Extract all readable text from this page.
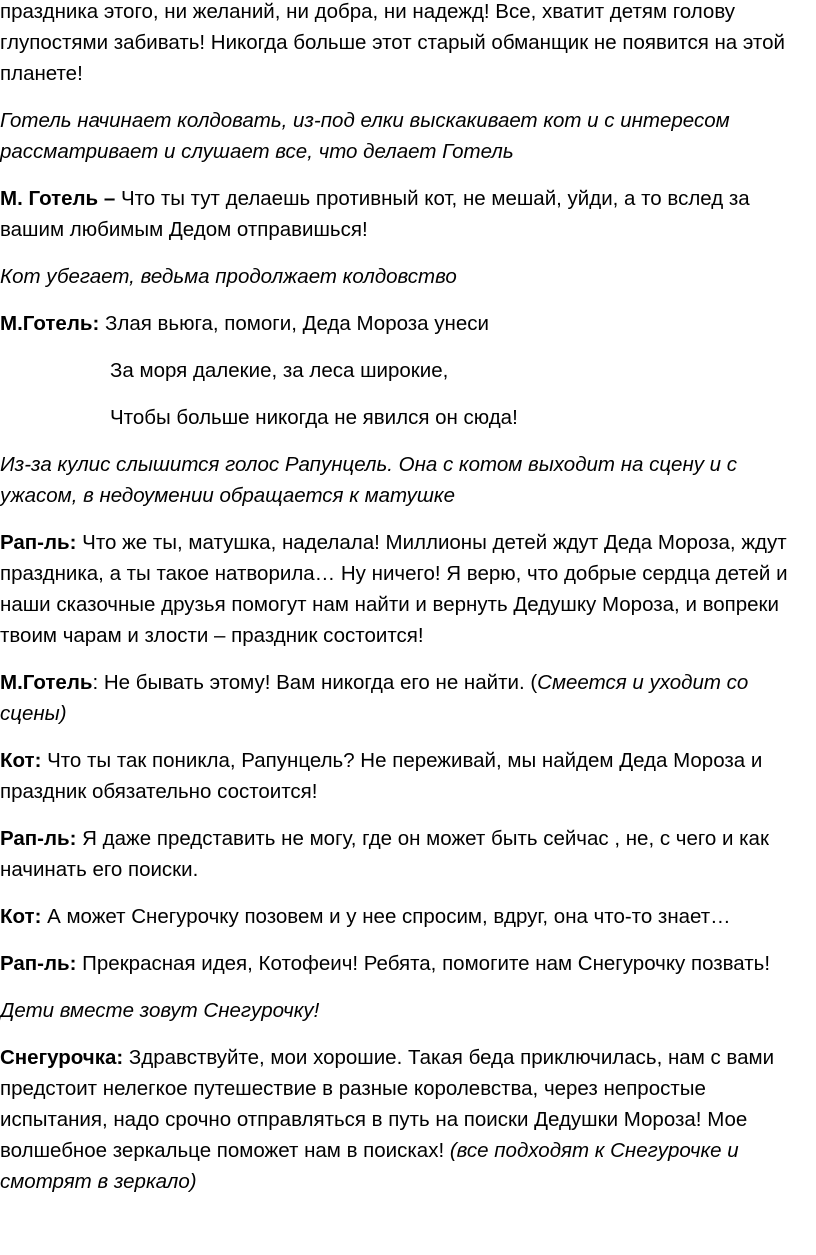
праздника этого, ни желаний, ни добра, ни надежд! Все, хватит детям голову глупостями забивать! Никогда больше этот старый обманщик не появится на этой планете!

Готель начинает колдовать, из-под елки выскакивает кот и с интересом рассматривает и слушает все, что делает Готель

М. Готель – Что ты тут делаешь противный кот, не мешай, уйди, а то вслед за вашим любимым Дедом отправишься!

Кот убегает, ведьма продолжает колдовство

М.Готель: Злая вьюга, помоги, Деда Мороза унеси

За моря далекие, за леса широкие,

Чтобы больше никогда не явился он сюда!

Из-за кулис слышится голос Рапунцель. Она с котом выходит на сцену и с ужасом, в недоумении обращается к матушке

Рап-ль: Что же ты, матушка, наделала! Миллионы детей ждут Деда Мороза, ждут праздника, а ты такое натворила… Ну ничего! Я верю, что добрые сердца детей и наши сказочные друзья помогут нам найти и вернуть Дедушку Мороза, и вопреки твоим чарам и злости – праздник состоится!

М.Готель: Не бывать этому! Вам никогда его не найти. (Смеется и уходит со сцены)

Кот: Что ты так поникла, Рапунцель? Не переживай, мы найдем Деда Мороза и праздник обязательно состоится!

Рап-ль: Я даже представить не могу, где он может быть сейчас , не, с чего и как начинать его поиски.

Кот: А может Снегурочку позовем и у нее спросим, вдруг, она что-то знает…

Рап-ль: Прекрасная идея, Котофеич! Ребята, помогите нам Снегурочку позвать!

Дети вместе зовут Снегурочку!

Снегурочка: Здравствуйте, мои хорошие. Такая беда приключилась, нам с вами предстоит нелегкое путешествие в разные королевства, через непростые испытания, надо срочно отправляться в путь на поиски Дедушки Мороза! Мое волшебное зеркальце поможет нам в поисках! (все подходят к Снегурочке и смотрят в зеркало)
